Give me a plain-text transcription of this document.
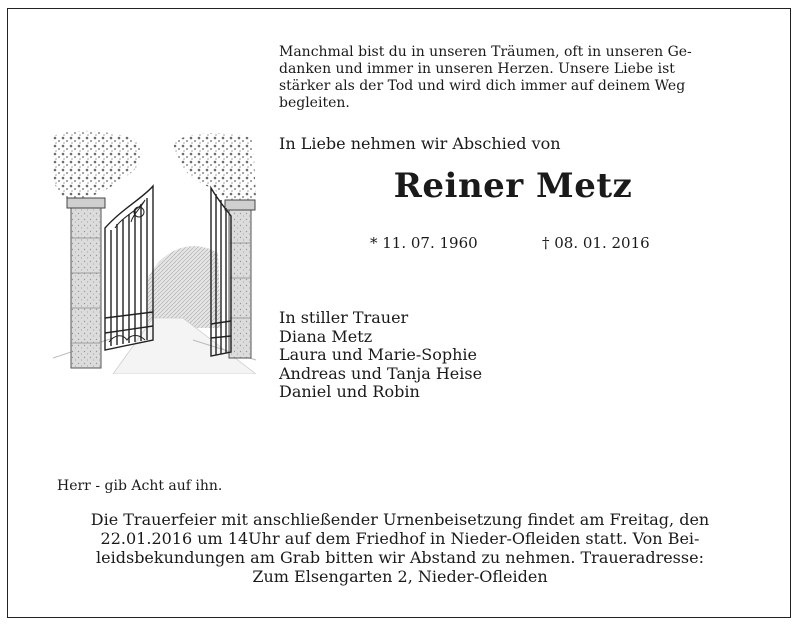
Manchmal bist du in unseren Träumen, oft in unseren Ge-
danken und immer in unseren Herzen. Unsere Liebe ist
stärker als der Tod und wird dich immer auf deinem Weg
begleiten.
In Liebe nehmen wir Abschied von
Reiner Metz
* 11. 07. 1960	† 08. 01. 2016
In stiller Trauer
Diana Metz
Laura und Marie-Sophie
Andreas und Tanja Heise
Daniel und Robin
Herr - gib Acht auf ihn.
Die Trauerfeier mit anschließender Urnenbeisetzung findet am Freitag, den
22.01.2016 um 14Uhr auf dem Friedhof in Nieder-Ofleiden statt. Von Bei-
leidsbekundungen am Grab bitten wir Abstand zu nehmen. Traueradresse:
Zum Elsengarten 2, Nieder-Ofleiden
